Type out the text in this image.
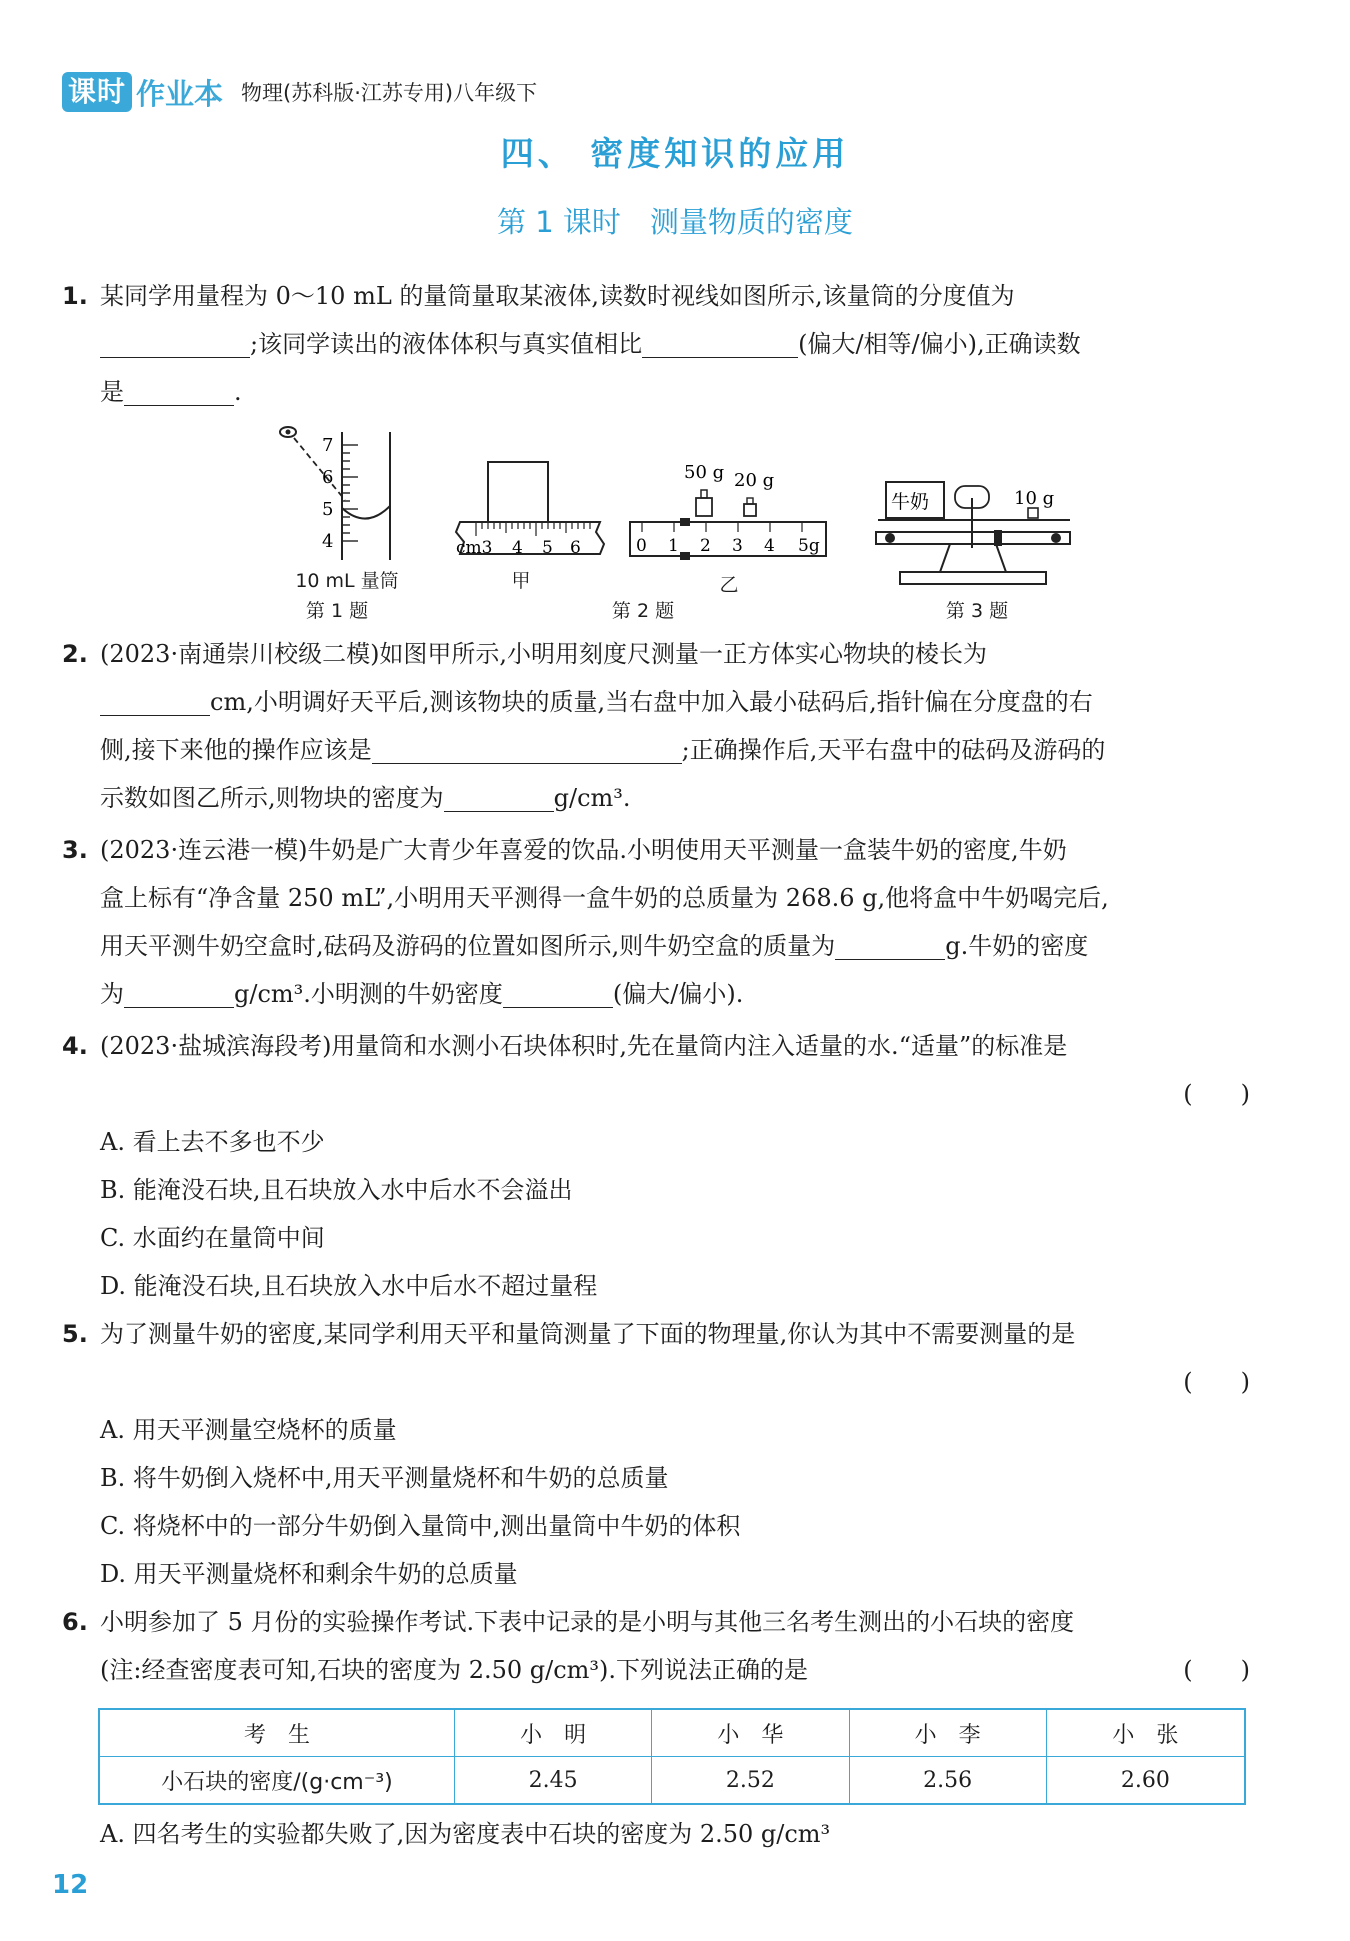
课时 作业本 物理(苏科版·江苏专用)八年级下
四、 密度知识的应用
第 1 课时　测量物质的密度
1. 某同学用量程为 0～10 mL 的量筒量取某液体,读数时视线如图所示,该量筒的分度值为
;该同学读出的液体体积与真实值相比	(偏大/相等/偏小),正确读数
是	.
7
6
5
4	cm3 4 5 6
50 g 20 g
0 1 2 3 4 5g
牛奶	10 g
10 mL 量筒
第 1 题
甲	乙
第 2 题	第 3 题
2. (2023·南通崇川校级二模)如图甲所示,小明用刻度尺测量一正方体实心物块的棱长为
cm,小明调好天平后,测该物块的质量,当右盘中加入最小砝码后,指针偏在分度盘的右
侧,接下来他的操作应该是	;正确操作后,天平右盘中的砝码及游码的
示数如图乙所示,则物块的密度为	g/cm³.
3. (2023·连云港一模)牛奶是广大青少年喜爱的饮品.小明使用天平测量一盒装牛奶的密度,牛奶
盒上标有“净含量 250 mL”,小明用天平测得一盒牛奶的总质量为 268.6 g,他将盒中牛奶喝完后,
用天平测牛奶空盒时,砝码及游码的位置如图所示,则牛奶空盒的质量为	g.牛奶的密度
为	g/cm³.小明测的牛奶密度	(偏大/偏小).
4. (2023·盐城滨海段考)用量筒和水测小石块体积时,先在量筒内注入适量的水.“适量”的标准是
(　　)
A. 看上去不多也不少
B. 能淹没石块,且石块放入水中后水不会溢出
C. 水面约在量筒中间
D. 能淹没石块,且石块放入水中后水不超过量程
5. 为了测量牛奶的密度,某同学利用天平和量筒测量了下面的物理量,你认为其中不需要测量的是
(　　)
A. 用天平测量空烧杯的质量
B. 将牛奶倒入烧杯中,用天平测量烧杯和牛奶的总质量
C. 将烧杯中的一部分牛奶倒入量筒中,测出量筒中牛奶的体积
D. 用天平测量烧杯和剩余牛奶的总质量
6. 小明参加了 5 月份的实验操作考试.下表中记录的是小明与其他三名考生测出的小石块的密度
(注:经查密度表可知,石块的密度为 2.50 g/cm³).下列说法正确的是	(　　)
考　生	小　明	小　华	小　李	小　张
小石块的密度/(g·cm⁻³)	2.45	2.52	2.56	2.60
A. 四名考生的实验都失败了,因为密度表中石块的密度为 2.50 g/cm³
12
